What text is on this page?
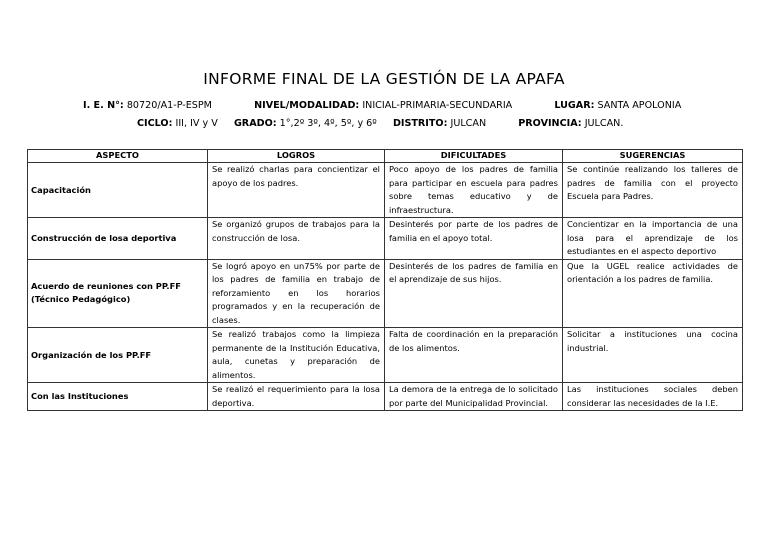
INFORME FINAL DE LA GESTIÓN DE LA APAFA
I. E. N°: 80720/A1-P-ESPM	NIVEL/MODALIDAD: INICIAL-PRIMARIA-SECUNDARIA	LUGAR: SANTA APOLONIA
CICLO: III, IV y V GRADO: 1°,2º 3º, 4º, 5º, y 6º DISTRITO: JULCAN	PROVINCIA: JULCAN.
ASPECTO	LOGROS	DIFICULTADES	SUGERENCIAS
Capacitación	Se realizó charlas para concientizar el apoyo de los padres.	Poco apoyo de los padres de familia para participar en escuela para padres sobre temas educativo y de infraestructura.	Se continúe realizando los talleres de padres de familia con el proyecto Escuela para Padres.
Construcción de losa deportiva	Se organizó grupos de trabajos para la construcción de losa.	Desinterés por parte de los padres de familia en el apoyo total.	Concientizar en la importancia de una losa para el aprendizaje de los estudiantes en el aspecto deportivo
Acuerdo de reuniones con PP.FF (Técnico Pedagógico)	Se logró apoyo en un75% por parte de los padres de familia en trabajo de reforzamiento en los horarios programados y en la recuperación de clases.	Desinterés de los padres de familia en el aprendizaje de sus hijos.	Que la UGEL realice actividades de orientación a los padres de familia.
Organización de los PP.FF	Se realizó trabajos como la limpieza permanente de la Institución Educativa, aula, cunetas y preparación de alimentos.	Falta de coordinación en la preparación de los alimentos.	Solicitar a instituciones una cocina industrial.
Con las Instituciones	Se realizó el requerimiento para la losa deportiva.	La demora de la entrega de lo solicitado por parte del Municipalidad Provincial.	Las instituciones sociales deben considerar las necesidades de la I.E.
